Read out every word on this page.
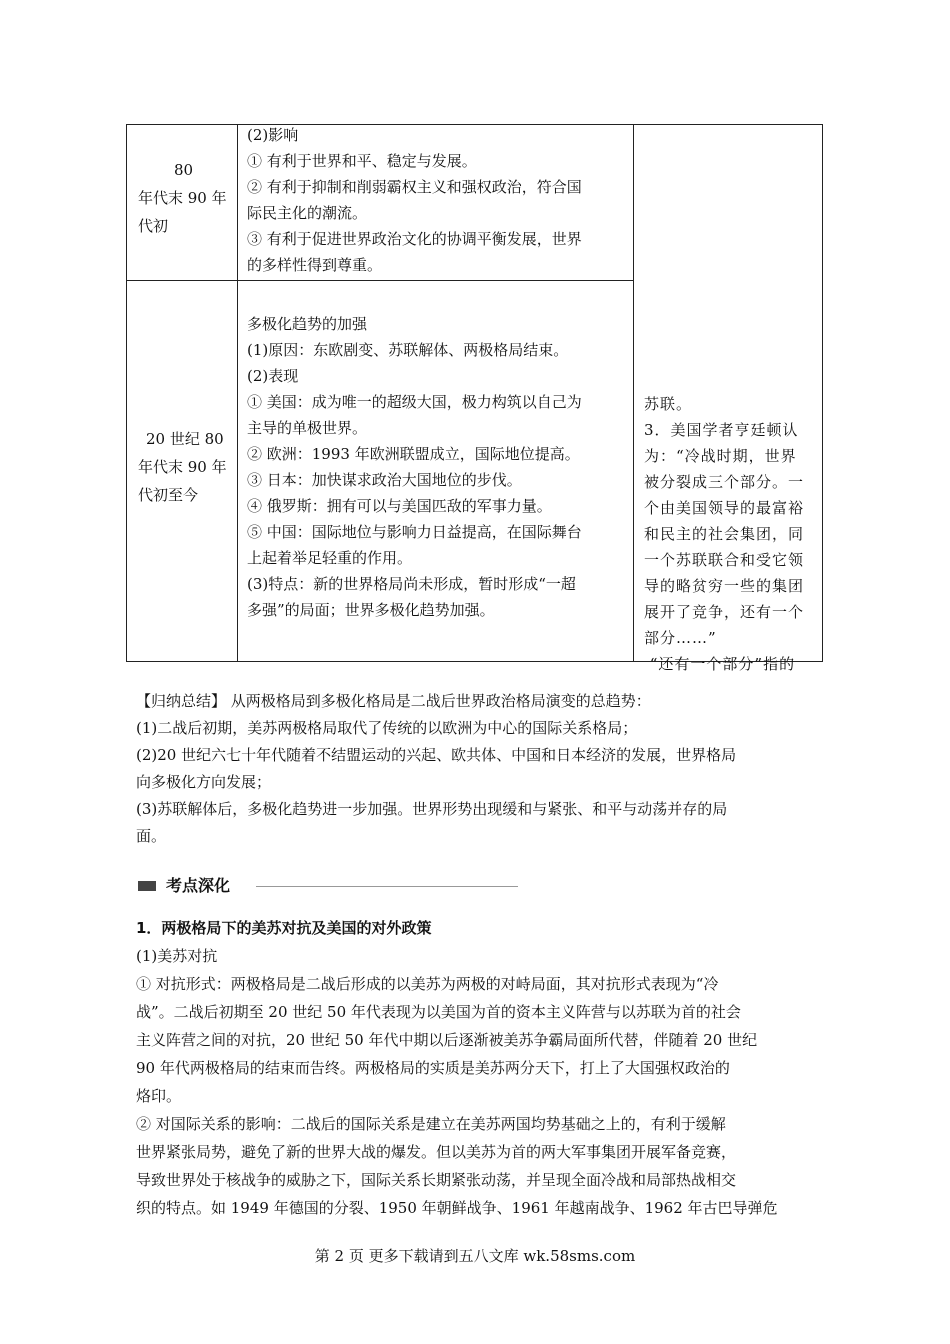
80
年代末 90 年
代初
(2)影响
① 有利于世界和平、稳定与发展。
② 有利于抑制和削弱霸权主义和强权政治，符合国
际民主化的潮流。
③ 有利于促进世界政治文化的协调平衡发展，世界
的多样性得到尊重。
20 世纪 80
年代末 90 年
代初至今
多极化趋势的加强
(1)原因：东欧剧变、苏联解体、两极格局结束。
(2)表现
① 美国：成为唯一的超级大国，极力构筑以自己为
主导的单极世界。
② 欧洲：1993 年欧洲联盟成立，国际地位提高。
③ 日本：加快谋求政治大国地位的步伐。
④ 俄罗斯：拥有可以与美国匹敌的军事力量。
⑤ 中国：国际地位与影响力日益提高，在国际舞台
上起着举足轻重的作用。
(3)特点：新的世界格局尚未形成，暂时形成“一超
多强”的局面；世界多极化趋势加强。
苏联。
3．美国学者亨廷顿认
为：“冷战时期，世界
被分裂成三个部分。一
个由美国领导的最富裕
和民主的社会集团，同
一个苏联联合和受它领
导的略贫穷一些的集团
展开了竞争，还有一个
部分……”
“还有一个部分”指的
【归纳总结】 从两极格局到多极化格局是二战后世界政治格局演变的总趋势：
(1)二战后初期，美苏两极格局取代了传统的以欧洲为中心的国际关系格局；
(2)20 世纪六七十年代随着不结盟运动的兴起、欧共体、中国和日本经济的发展，世界格局
向多极化方向发展；
(3)苏联解体后，多极化趋势进一步加强。世界形势出现缓和与紧张、和平与动荡并存的局
面。
考点深化
1．两极格局下的美苏对抗及美国的对外政策
(1)美苏对抗
① 对抗形式：两极格局是二战后形成的以美苏为两极的对峙局面，其对抗形式表现为“冷
战”。二战后初期至 20 世纪 50 年代表现为以美国为首的资本主义阵营与以苏联为首的社会
主义阵营之间的对抗，20 世纪 50 年代中期以后逐渐被美苏争霸局面所代替，伴随着 20 世纪
90 年代两极格局的结束而告终。两极格局的实质是美苏两分天下，打上了大国强权政治的
烙印。
② 对国际关系的影响：二战后的国际关系是建立在美苏两国均势基础之上的，有利于缓解
世界紧张局势，避免了新的世界大战的爆发。但以美苏为首的两大军事集团开展军备竞赛，
导致世界处于核战争的威胁之下，国际关系长期紧张动荡，并呈现全面冷战和局部热战相交
织的特点。如 1949 年德国的分裂、1950 年朝鲜战争、1961 年越南战争、1962 年古巴导弹危
第 2 页 更多下载请到五八文库 wk.58sms.com
